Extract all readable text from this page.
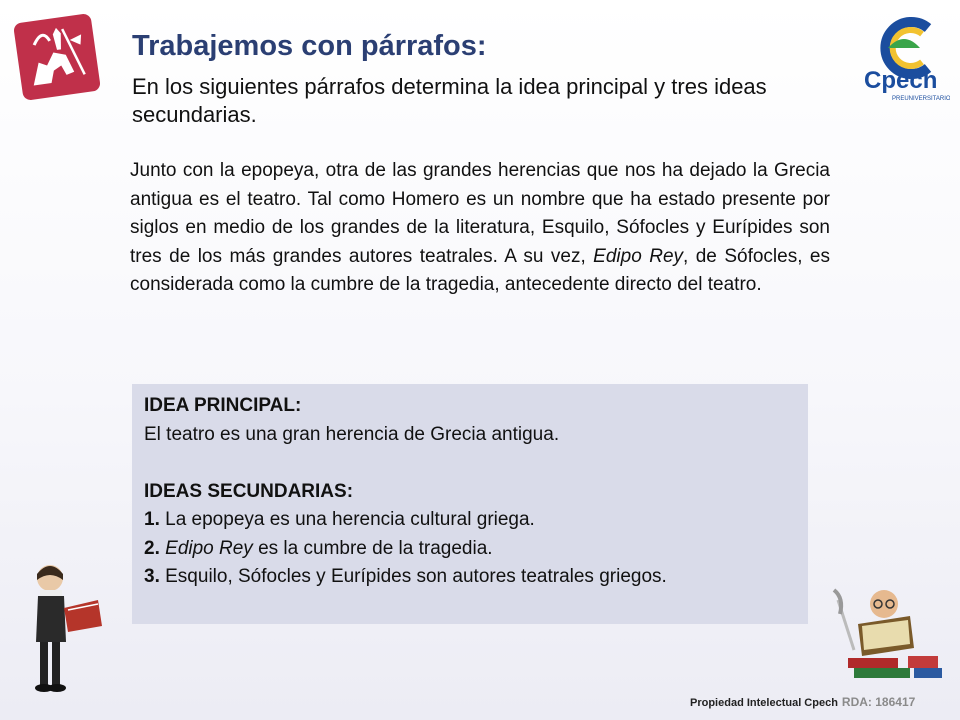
Trabajemos con párrafos:

En los siguientes párrafos determina la idea principal y tres ideas secundarias.

Cpech
PREUNIVERSITARIOS

Junto con la epopeya, otra de las grandes herencias que nos ha dejado la Grecia antigua es el teatro. Tal como Homero es un nombre que ha estado presente por siglos en medio de los grandes de la literatura, Esquilo, Sófocles y Eurípides son tres de los más grandes autores teatrales. A su vez, Edipo Rey, de Sófocles, es considerada como la cumbre de la tragedia, antecedente directo del teatro.

IDEA PRINCIPAL:
El teatro es una gran herencia de Grecia antigua.
IDEAS SECUNDARIAS:
1. La epopeya es una herencia cultural griega.
2. Edipo Rey es la cumbre de la tragedia.
3. Esquilo, Sófocles y Eurípides son autores teatrales griegos.
Propiedad Intelectual Cpech RDA: 186417
